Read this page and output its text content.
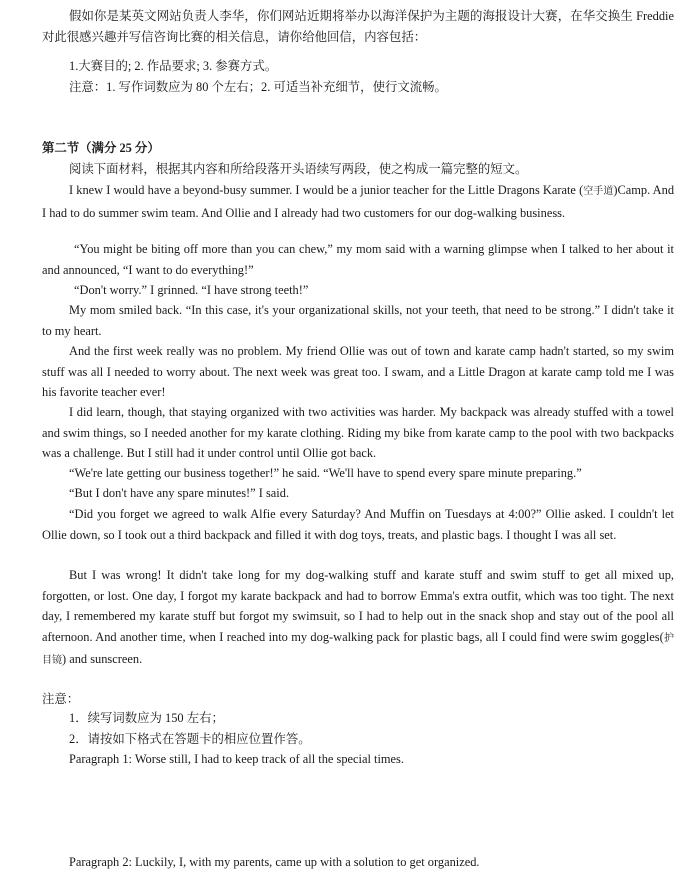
假如你是某英文网站负责人李华，你们网站近期将举办以海洋保护为主题的海报设计大赛，在华交换生 Freddie 对此很感兴趣并写信咨询比赛的相关信息，请你给他回信，内容包括：

1.大赛目的; 2. 作品要求; 3. 参赛方式。

注意：1. 写作词数应为 80 个左右；2. 可适当补充细节，使行文流畅。

第二节（满分 25 分）

阅读下面材料，根据其内容和所给段落开头语续写两段，使之构成一篇完整的短文。

I knew I would have a beyond-busy summer. I would be a junior teacher for the Little Dragons Karate (空手道)Camp. And I had to do summer swim team. And Ollie and I already had two customers for our dog-walking business.

“You might be biting off more than you can chew,” my mom said with a warning glimpse when I talked to her about it and announced, “I want to do everything!”

“Don't worry.” I grinned. “I have strong teeth!”

My mom smiled back. “In this case, it's your organizational skills, not your teeth, that need to be strong.” I didn't take it to my heart.

And the first week really was no problem. My friend Ollie was out of town and karate camp hadn't started, so my swim stuff was all I needed to worry about. The next week was great too. I swam, and a Little Dragon at karate camp told me I was his favorite teacher ever!

I did learn, though, that staying organized with two activities was harder. My backpack was already stuffed with a towel and swim things, so I needed another for my karate clothing. Riding my bike from karate camp to the pool with two backpacks was a challenge. But I still had it under control until Ollie got back.

“We're late getting our business together!” he said. “We'll have to spend every spare minute preparing.”

“But I don't have any spare minutes!” I said.

“Did you forget we agreed to walk Alfie every Saturday? And Muffin on Tuesdays at 4:00?” Ollie asked. I couldn't let Ollie down, so I took out a third backpack and filled it with dog toys, treats, and plastic bags. I thought I was all set.

But I was wrong! It didn't take long for my dog-walking stuff and karate stuff and swim stuff to get all mixed up, forgotten, or lost. One day, I forgot my karate backpack and had to borrow Emma's extra outfit, which was too tight. The next day, I remembered my karate stuff but forgot my swimsuit, so I had to help out in the snack shop and stay out of the pool all afternoon. And another time, when I reached into my dog-walking pack for plastic bags, all I could find were swim goggles(护目镜) and sunscreen.

注意：

1．续写词数应为 150 左右；

2．请按如下格式在答题卡的相应位置作答。

Paragraph 1: Worse still, I had to keep track of all the special times.

Paragraph 2: Luckily, I, with my parents, came up with a solution to get organized.
